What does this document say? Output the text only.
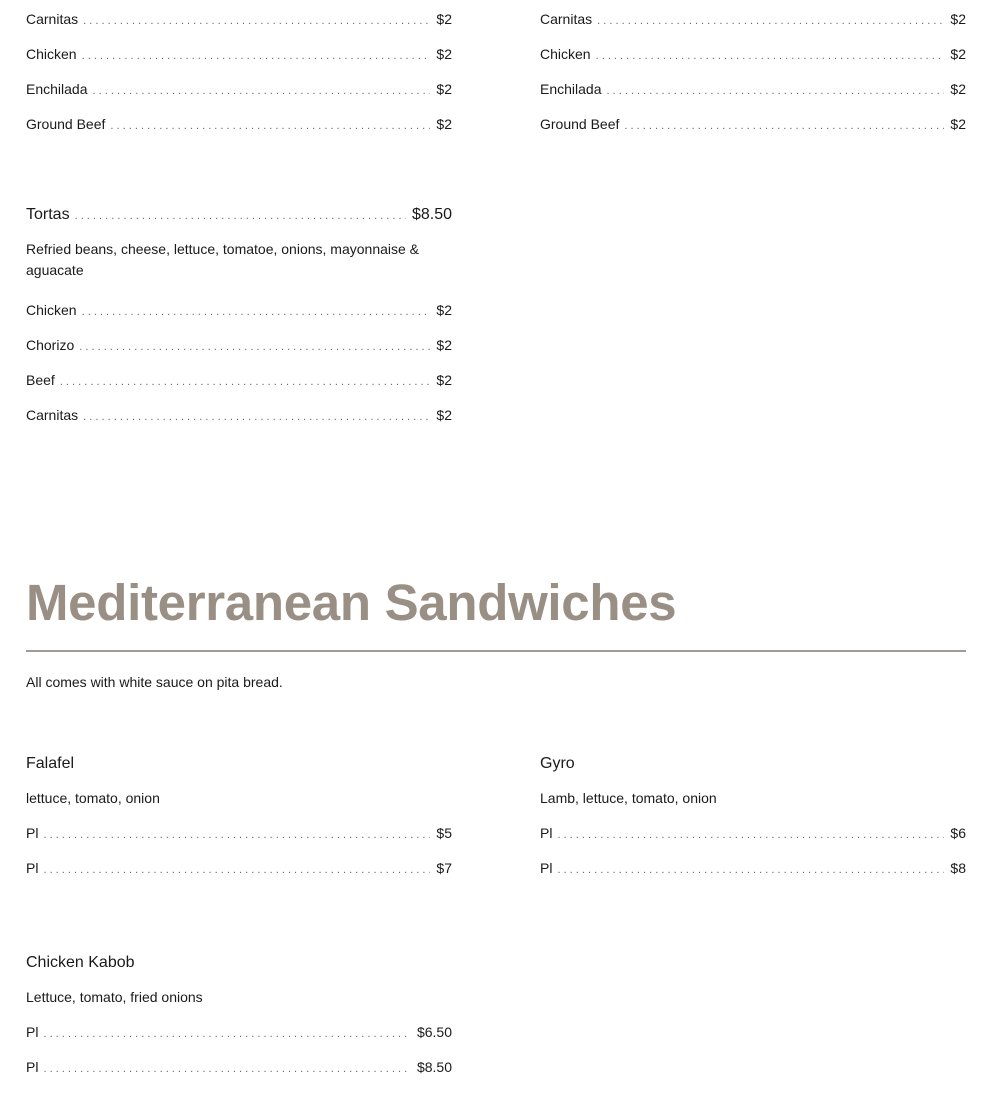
Carnitas . . .	$2
Chicken . . .	$2
Enchilada . . .	$2
Ground Beef . . .	$2
Carnitas . . .	$2
Chicken . . .	$2
Enchilada . . .	$2
Ground Beef . . .	$2
Tortas . . .	$8.50

Refried beans, cheese, lettuce, tomatoe, onions, mayonnaise & aguacate

Chicken . . .	$2
Chorizo . . .	$2
Beef . . .	$2
Carnitas . . .	$2
Mediterranean Sandwiches
All comes with white sauce on pita bread.
Falafel

lettuce, tomato, onion

Pl . . .	$5
Pl . . .	$7
Gyro

Lamb, lettuce, tomato, onion

Pl . . .	$6
Pl . . .	$8
Chicken Kabob

Lettuce, tomato, fried onions

Pl . . .	$6.50
Pl . . .	$8.50
